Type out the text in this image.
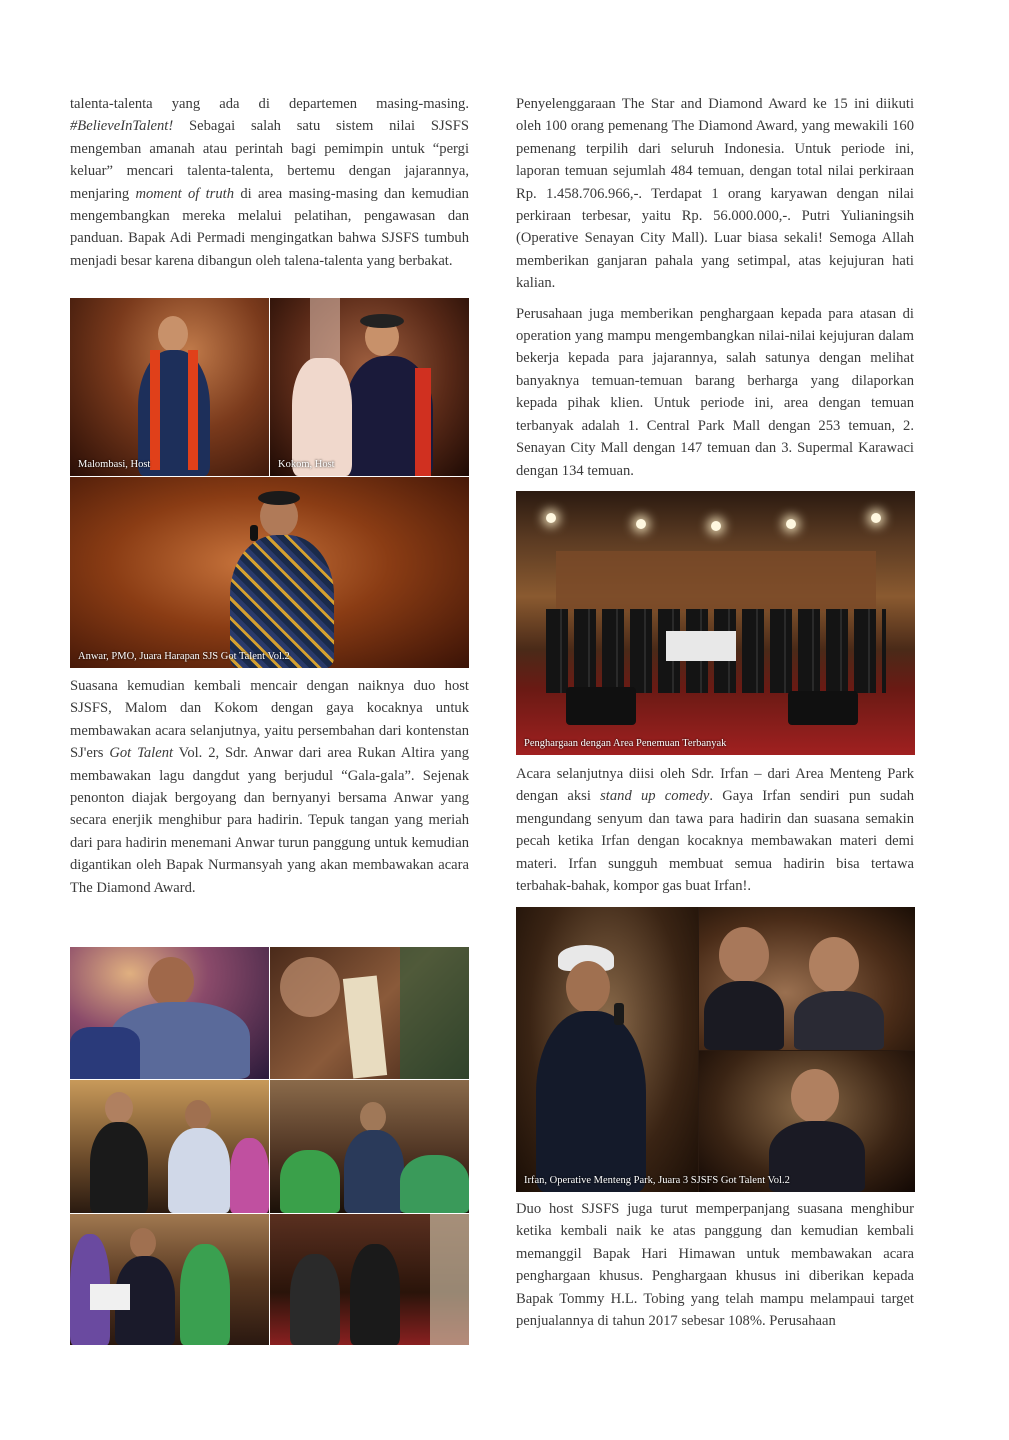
talenta-talenta yang ada di departemen masing-masing. #BelieveInTalent! Sebagai salah satu sistem nilai SJSFS mengemban amanah atau perintah bagi pemimpin untuk “pergi keluar” mencari talenta-talenta, bertemu dengan jajarannya, menjaring moment of truth di area masing-masing dan kemudian mengembangkan mereka melalui pelatihan, pengawasan dan panduan. Bapak Adi Permadi mengingatkan bahwa SJSFS tumbuh menjadi besar karena dibangun oleh talena-talenta yang berbakat.

Malombasi, Host	Kokom, Host
Anwar, PMO, Juara Harapan SJS Got Talent Vol.2

Suasana kemudian kembali mencair dengan naiknya duo host SJSFS, Malom dan Kokom dengan gaya kocaknya untuk membawakan acara selanjutnya, yaitu persembahan dari kontenstan SJ'ers Got Talent Vol. 2, Sdr. Anwar dari area Rukan Altira yang membawakan lagu dangdut yang berjudul “Gala-gala”. Sejenak penonton diajak bergoyang dan bernyanyi bersama Anwar yang secara enerjik menghibur para hadirin. Tepuk tangan yang meriah dari para hadirin menemani Anwar turun panggung untuk kemudian digantikan oleh Bapak Nurmansyah yang akan membawakan acara The Diamond Award.

Penyelenggaraan The Star and Diamond Award ke 15 ini diikuti oleh 100 orang pemenang The Diamond Award, yang mewakili 160 pemenang terpilih dari seluruh Indonesia. Untuk periode ini, laporan temuan sejumlah 484 temuan, dengan total nilai perkiraan Rp. 1.458.706.966,-. Terdapat 1 orang karyawan dengan nilai perkiraan terbesar, yaitu Rp. 56.000.000,-. Putri Yulianingsih (Operative Senayan City Mall). Luar biasa sekali! Semoga Allah memberikan ganjaran pahala yang setimpal, atas kejujuran hati kalian.

Perusahaan juga memberikan penghargaan kepada para atasan di operation yang mampu mengembangkan nilai-nilai kejujuran dalam bekerja kepada para jajarannya, salah satunya dengan melihat banyaknya temuan-temuan barang berharga yang dilaporkan kepada pihak klien. Untuk periode ini, area dengan temuan terbanyak adalah 1. Central Park Mall dengan 253 temuan, 2. Senayan City Mall dengan 147 temuan dan 3. Supermal Karawaci dengan 134 temuan.

Penghargaan dengan Area Penemuan Terbanyak

Acara selanjutnya diisi oleh Sdr. Irfan – dari Area Menteng Park dengan aksi stand up comedy. Gaya Irfan sendiri pun sudah mengundang senyum dan tawa para hadirin dan suasana semakin pecah ketika Irfan dengan kocaknya membawakan materi demi materi. Irfan sungguh membuat semua hadirin bisa tertawa terbahak-bahak, kompor gas buat Irfan!.

Irfan, Operative Menteng Park, Juara 3 SJSFS Got Talent Vol.2

Duo host SJSFS juga turut memperpanjang suasana menghibur ketika kembali naik ke atas panggung dan kemudian kembali memanggil Bapak Hari Himawan untuk membawakan acara penghargaan khusus. Penghargaan khusus ini diberikan kepada Bapak Tommy H.L. Tobing yang telah mampu melampaui target penjualannya di tahun 2017 sebesar 108%. Perusahaan
